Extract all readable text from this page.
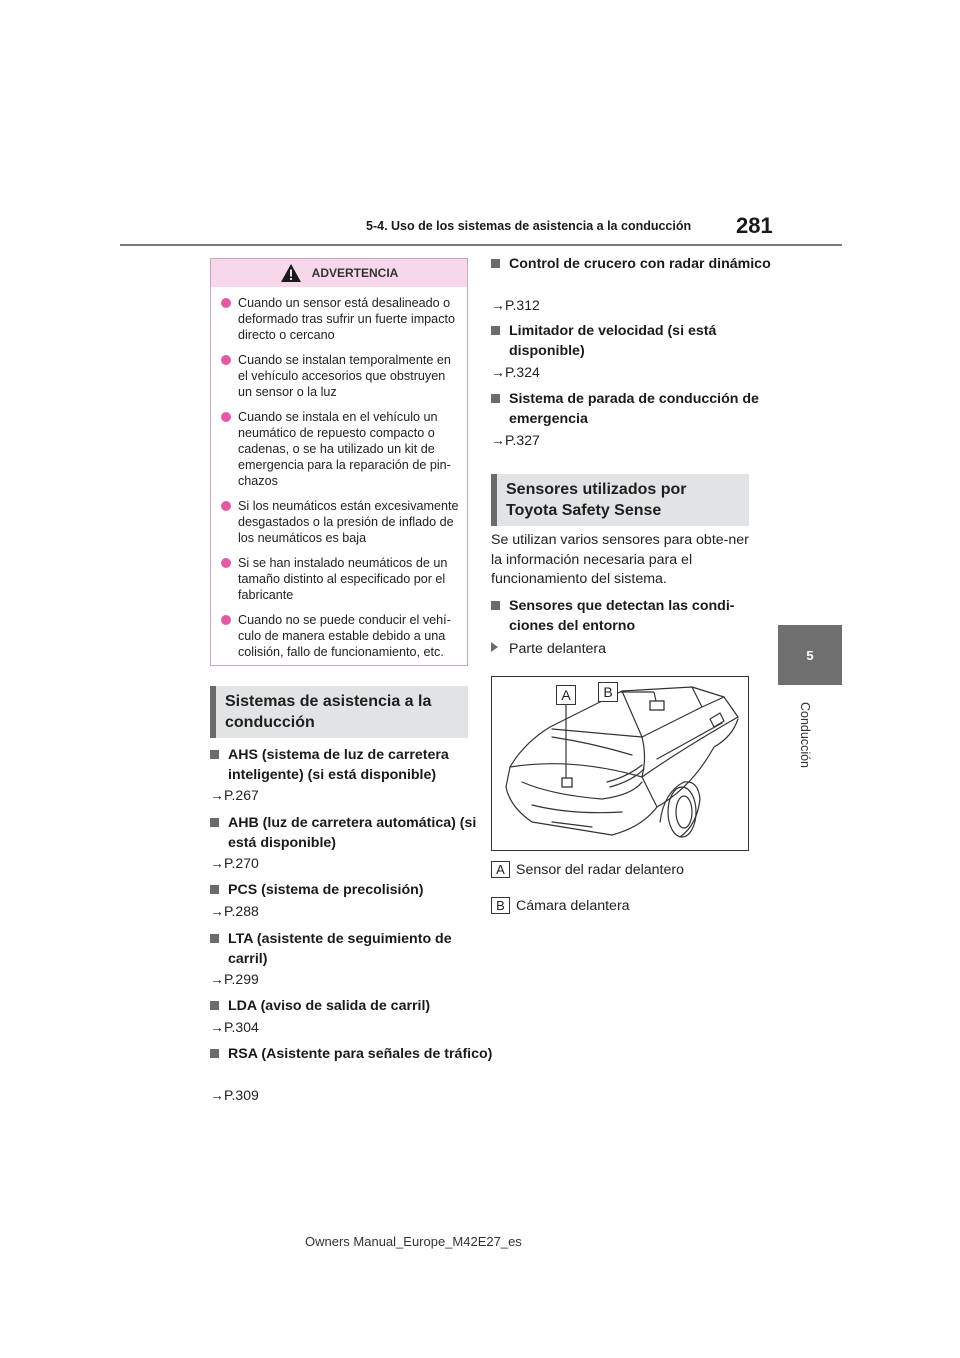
5-4. Uso de los sistemas de asistencia a la conducción 281
5
Conducción
ADVERTENCIA
Cuando un sensor está desalineado o deformado tras sufrir un fuerte impacto directo o cercano
Cuando se instalan temporalmente en el vehículo accesorios que obstruyen un sensor o la luz
Cuando se instala en el vehículo un neumático de repuesto compacto o cadenas, o se ha utilizado un kit de emergencia para la reparación de pin-chazos
Si los neumáticos están excesivamente desgastados o la presión de inflado de los neumáticos es baja
Si se han instalado neumáticos de un tamaño distinto al especificado por el fabricante
Cuando no se puede conducir el vehí-culo de manera estable debido a una colisión, fallo de funcionamiento, etc.
Sistemas de asistencia a la conducción
AHS (sistema de luz de carretera inteligente) (si está disponible)
→P.267
AHB (luz de carretera automática) (si está disponible)
→P.270
PCS (sistema de precolisión)
→P.288
LTA (asistente de seguimiento de carril)
→P.299
LDA (aviso de salida de carril)
→P.304
RSA (Asistente para señales de tráfico)
→P.309
Control de crucero con radar dinámico
→P.312
Limitador de velocidad (si está disponible)
→P.324
Sistema de parada de conducción de emergencia
→P.327
Sensores utilizados por Toyota Safety Sense
Se utilizan varios sensores para obte-ner la información necesaria para el funcionamiento del sistema.
Sensores que detectan las condi-ciones del entorno
Parte delantera
A	B
A Sensor del radar delantero
B Cámara delantera
Owners Manual_Europe_M42E27_es
